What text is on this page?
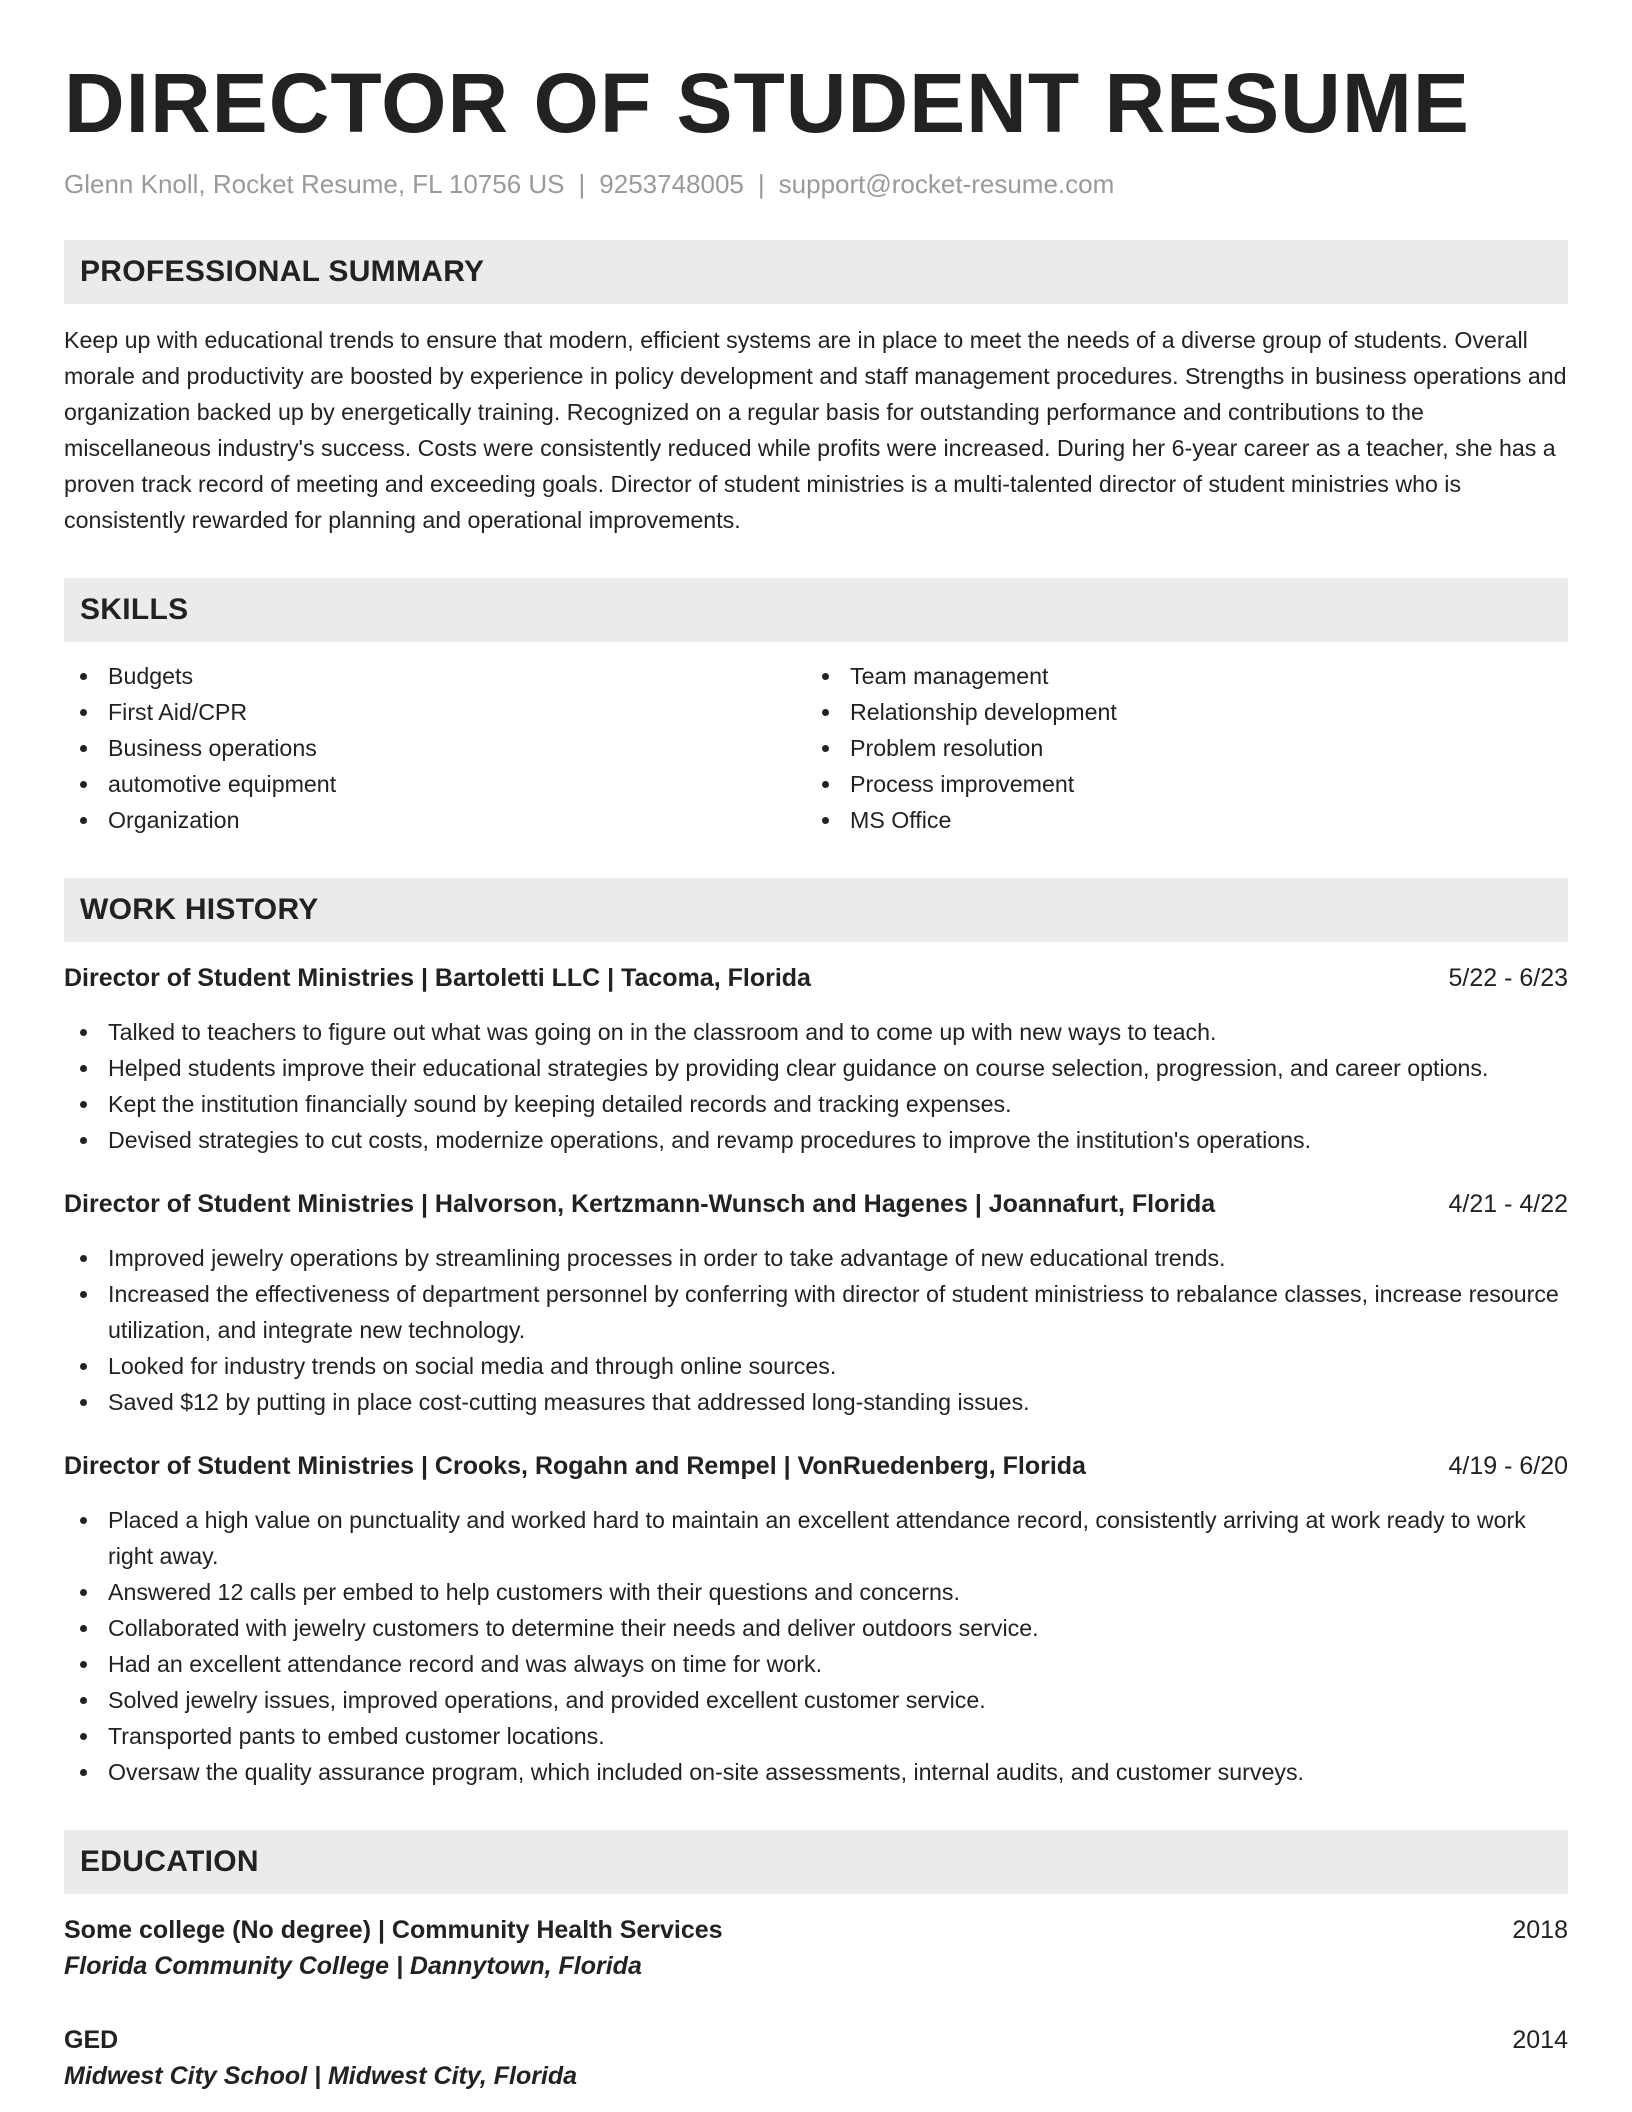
DIRECTOR OF STUDENT RESUME
Glenn Knoll, Rocket Resume, FL 10756 US | 9253748005 | support@rocket-resume.com
PROFESSIONAL SUMMARY

Keep up with educational trends to ensure that modern, efficient systems are in place to meet the needs of a diverse group of students. Overall morale and productivity are boosted by experience in policy development and staff management procedures. Strengths in business operations and organization backed up by energetically training. Recognized on a regular basis for outstanding performance and contributions to the miscellaneous industry's success. Costs were consistently reduced while profits were increased. During her 6-year career as a teacher, she has a proven track record of meeting and exceeding goals. Director of student ministries is a multi-talented director of student ministries who is consistently rewarded for planning and operational improvements.

SKILLS
Budgets
First Aid/CPR
Business operations
automotive equipment
Organization
Team management
Relationship development
Problem resolution
Process improvement
MS Office
WORK HISTORY
Director of Student Ministries | Bartoletti LLC | Tacoma, Florida	5/22 - 6/23
Talked to teachers to figure out what was going on in the classroom and to come up with new ways to teach.
Helped students improve their educational strategies by providing clear guidance on course selection, progression, and career options.
Kept the institution financially sound by keeping detailed records and tracking expenses.
Devised strategies to cut costs, modernize operations, and revamp procedures to improve the institution's operations.
Director of Student Ministries | Halvorson, Kertzmann-Wunsch and Hagenes | Joannafurt, Florida	4/21 - 4/22
Improved jewelry operations by streamlining processes in order to take advantage of new educational trends.
Increased the effectiveness of department personnel by conferring with director of student ministriess to rebalance classes, increase resource utilization, and integrate new technology.
Looked for industry trends on social media and through online sources.
Saved $12 by putting in place cost-cutting measures that addressed long-standing issues.
Director of Student Ministries | Crooks, Rogahn and Rempel | VonRuedenberg, Florida	4/19 - 6/20
Placed a high value on punctuality and worked hard to maintain an excellent attendance record, consistently arriving at work ready to work right away.
Answered 12 calls per embed to help customers with their questions and concerns.
Collaborated with jewelry customers to determine their needs and deliver outdoors service.
Had an excellent attendance record and was always on time for work.
Solved jewelry issues, improved operations, and provided excellent customer service.
Transported pants to embed customer locations.
Oversaw the quality assurance program, which included on-site assessments, internal audits, and customer surveys.
EDUCATION
Some college (No degree) | Community Health Services	2018
Florida Community College | Dannytown, Florida
GED	2014
Midwest City School | Midwest City, Florida
